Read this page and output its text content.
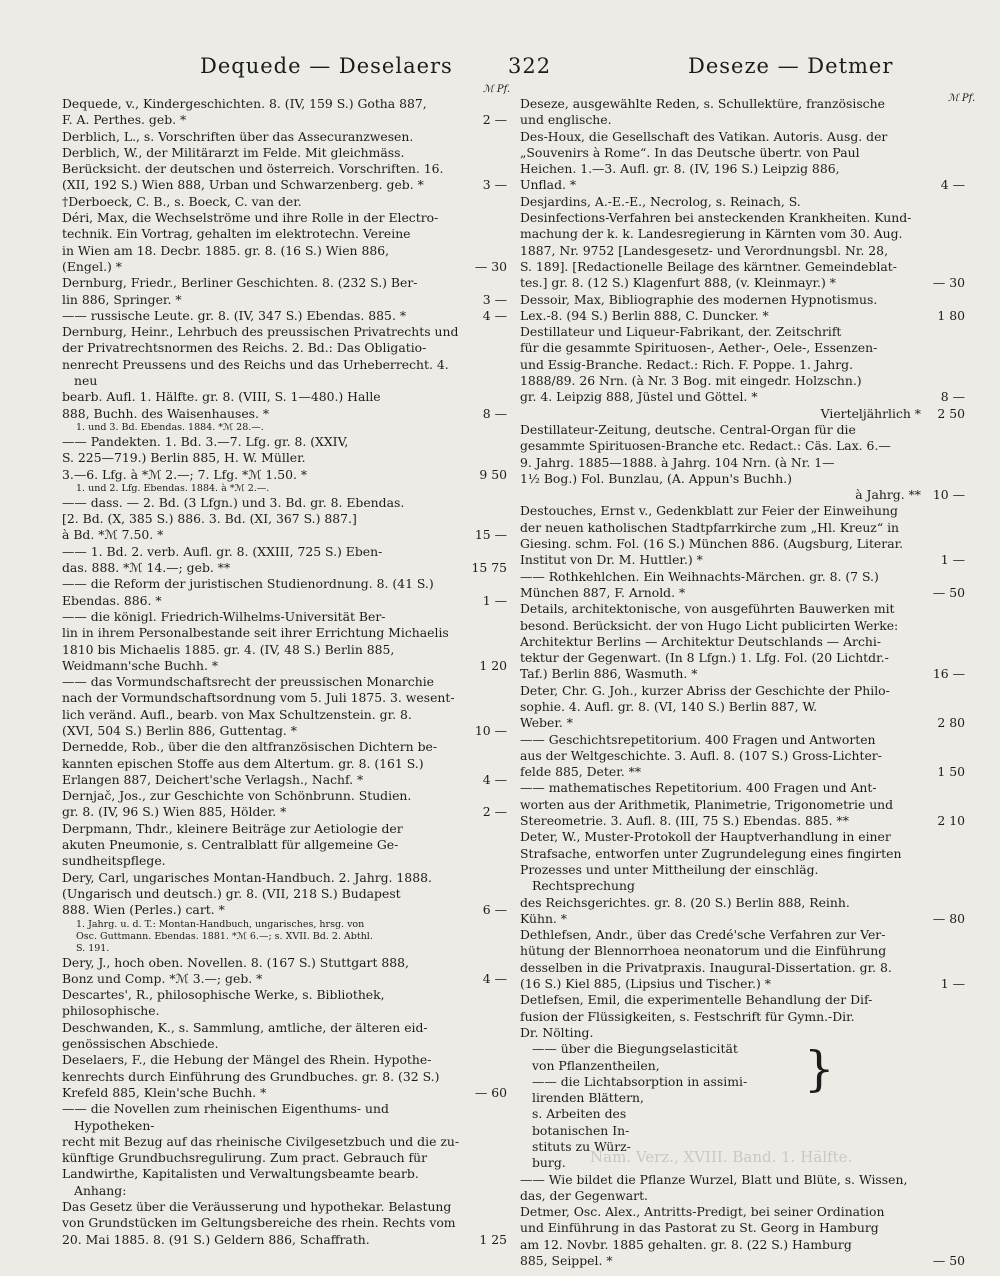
Dequede — Deselaers	322	Deseze — Detmer
ℳ Pf.
ℳ Pf.
Dequede, v., Kindergeschichten. 8. (IV, 159 S.) Gotha 887,
F. A. Perthes. geb. *	2 —
Derblich, L., s. Vorschriften über das Assecuranzwesen.
Derblich, W., der Militärarzt im Felde. Mit gleichmäss.
Berücksicht. der deutschen und österreich. Vorschriften. 16.
(XII, 192 S.) Wien 888, Urban und Schwarzenberg. geb. *	3 —
†Derboeck, C. B., s. Boeck, C. van der.
Déri, Max, die Wechselströme und ihre Rolle in der Electro-
technik. Ein Vortrag, gehalten im elektrotechn. Vereine
in Wien am 18. Decbr. 1885. gr. 8. (16 S.) Wien 886,
(Engel.) *	— 30
Dernburg, Friedr., Berliner Geschichten. 8. (232 S.) Ber-
lin 886, Springer. *	3 —
—— russische Leute. gr. 8. (IV, 347 S.) Ebendas. 885. *	4 —
Dernburg, Heinr., Lehrbuch des preussischen Privatrechts und
der Privatrechtsnormen des Reichs. 2. Bd.: Das Obligatio-
nenrecht Preussens und des Reichs und das Urheberrecht. 4. neu
bearb. Aufl. 1. Hälfte. gr. 8. (VIII, S. 1—480.) Halle
888, Buchh. des Waisenhauses. *	8 —
1. und 3. Bd. Ebendas. 1884. *ℳ 28.—.
—— Pandekten. 1. Bd. 3.—7. Lfg. gr. 8. (XXIV,
S. 225—719.) Berlin 885, H. W. Müller.
3.—6. Lfg. à *ℳ 2.—; 7. Lfg. *ℳ 1.50. *	9 50
1. und 2. Lfg. Ebendas. 1884. à *ℳ 2.—.
—— dass. — 2. Bd. (3 Lfgn.) und 3. Bd. gr. 8. Ebendas.
[2. Bd. (X, 385 S.) 886. 3. Bd. (XI, 367 S.) 887.]
à Bd. *ℳ 7.50. *	15 —
—— 1. Bd. 2. verb. Aufl. gr. 8. (XXIII, 725 S.) Eben-
das. 888. *ℳ 14.—; geb. **	15 75
—— die Reform der juristischen Studienordnung. 8. (41 S.)
Ebendas. 886. *	1 —
—— die königl. Friedrich-Wilhelms-Universität Ber-
lin in ihrem Personalbestande seit ihrer Errichtung Michaelis
1810 bis Michaelis 1885. gr. 4. (IV, 48 S.) Berlin 885,
Weidmann'sche Buchh. *	1 20
—— das Vormundschaftsrecht der preussischen Monarchie
nach der Vormundschaftsordnung vom 5. Juli 1875. 3. wesent-
lich veränd. Aufl., bearb. von Max Schultzenstein. gr. 8.
(XVI, 504 S.) Berlin 886, Guttentag. *	10 —
Dernedde, Rob., über die den altfranzösischen Dichtern be-
kannten epischen Stoffe aus dem Altertum. gr. 8. (161 S.)
Erlangen 887, Deichert'sche Verlagsh., Nachf. *	4 —
Dernjač, Jos., zur Geschichte von Schönbrunn. Studien.
gr. 8. (IV, 96 S.) Wien 885, Hölder. *	2 —
Derpmann, Thdr., kleinere Beiträge zur Aetiologie der
akuten Pneumonie, s. Centralblatt für allgemeine Ge-
sundheitspflege.
Dery, Carl, ungarisches Montan-Handbuch. 2. Jahrg. 1888.
(Ungarisch und deutsch.) gr. 8. (VII, 218 S.) Budapest
888. Wien (Perles.) cart. *	6 —
1. Jahrg. u. d. T.: Montan-Handbuch, ungarisches, hrsg. von
Osc. Guttmann. Ebendas. 1881. *ℳ 6.—; s. XVII. Bd. 2. Abthl.
S. 191.
Dery, J., hoch oben. Novellen. 8. (167 S.) Stuttgart 888,
Bonz und Comp. *ℳ 3.—; geb. *	4 —
Descartes', R., philosophische Werke, s. Bibliothek,
philosophische.
Deschwanden, K., s. Sammlung, amtliche, der älteren eid-
genössischen Abschiede.
Deselaers, F., die Hebung der Mängel des Rhein. Hypothe-
kenrechts durch Einführung des Grundbuches. gr. 8. (32 S.)
Krefeld 885, Klein'sche Buchh. *	— 60
—— die Novellen zum rheinischen Eigenthums- und Hypotheken-
recht mit Bezug auf das rheinische Civilgesetzbuch und die zu-
künftige Grundbuchsregulirung. Zum pract. Gebrauch für
Landwirthe, Kapitalisten und Verwaltungsbeamte bearb. Anhang:
Das Gesetz über die Veräusserung und hypothekar. Belastung
von Grundstücken im Geltungsbereiche des rhein. Rechts vom
20. Mai 1885. 8. (91 S.) Geldern 886, Schaffrath.	1 25
Deseze, ausgewählte Reden, s. Schullektüre, französische
und englische.
Des-Houx, die Gesellschaft des Vatikan. Autoris. Ausg. der
„Souvenirs à Rome“. In das Deutsche übertr. von Paul
Heichen. 1.—3. Aufl. gr. 8. (IV, 196 S.) Leipzig 886,
Unflad. *	4 —
Desjardins, A.-E.-E., Necrolog, s. Reinach, S.
Desinfections-Verfahren bei ansteckenden Krankheiten. Kund-
machung der k. k. Landesregierung in Kärnten vom 30. Aug.
1887, Nr. 9752 [Landesgesetz- und Verordnungsbl. Nr. 28,
S. 189]. [Redactionelle Beilage des kärntner. Gemeindeblat-
tes.] gr. 8. (12 S.) Klagenfurt 888, (v. Kleinmayr.) *	— 30
Dessoir, Max, Bibliographie des modernen Hypnotismus.
Lex.-8. (94 S.) Berlin 888, C. Duncker. *	1 80
Destillateur und Liqueur-Fabrikant, der. Zeitschrift
für die gesammte Spirituosen-, Aether-, Oele-, Essenzen-
und Essig-Branche. Redact.: Rich. F. Poppe. 1. Jahrg.
1888/89. 26 Nrn. (à Nr. 3 Bog. mit eingedr. Holzschn.)
gr. 4. Leipzig 888, Jüstel und Göttel. *	8 —
Vierteljährlich *	2 50
Destillateur-Zeitung, deutsche. Central-Organ für die
gesammte Spirituosen-Branche etc. Redact.: Cäs. Lax. 6.—
9. Jahrg. 1885—1888. à Jahrg. 104 Nrn. (à Nr. 1—
1½ Bog.) Fol. Bunzlau, (A. Appun's Buchh.)
à Jahrg. ** 10 —
Destouches, Ernst v., Gedenkblatt zur Feier der Einweihung
der neuen katholischen Stadtpfarrkirche zum „Hl. Kreuz“ in
Giesing. schm. Fol. (16 S.) München 886. (Augsburg, Literar.
Institut von Dr. M. Huttler.) *	1 —
—— Rothkehlchen. Ein Weihnachts-Märchen. gr. 8. (7 S.)
München 887, F. Arnold. *	— 50
Details, architektonische, von ausgeführten Bauwerken mit
besond. Berücksicht. der von Hugo Licht publicirten Werke:
Architektur Berlins — Architektur Deutschlands — Archi-
tektur der Gegenwart. (In 8 Lfgn.) 1. Lfg. Fol. (20 Lichtdr.-
Taf.) Berlin 886, Wasmuth. *	16 —
Deter, Chr. G. Joh., kurzer Abriss der Geschichte der Philo-
sophie. 4. Aufl. gr. 8. (VI, 140 S.) Berlin 887, W.
Weber. *	2 80
—— Geschichtsrepetitorium. 400 Fragen und Antworten
aus der Weltgeschichte. 3. Aufl. 8. (107 S.) Gross-Lichter-
felde 885, Deter. **	1 50
—— mathematisches Repetitorium. 400 Fragen und Ant-
worten aus der Arithmetik, Planimetrie, Trigonometrie und
Stereometrie. 3. Aufl. 8. (III, 75 S.) Ebendas. 885. **	2 10
Deter, W., Muster-Protokoll der Hauptverhandlung in einer
Strafsache, entworfen unter Zugrundelegung eines fingirten
Prozesses und unter Mittheilung der einschläg. Rechtsprechung
des Reichsgerichtes. gr. 8. (20 S.) Berlin 888, Reinh.
Kühn. *	— 80
Dethlefsen, Andr., über das Credé'sche Verfahren zur Ver-
hütung der Blennorrhoea neonatorum und die Einführung
desselben in die Privatpraxis. Inaugural-Dissertation. gr. 8.
(16 S.) Kiel 885, (Lipsius und Tischer.) *	1 —
Detlefsen, Emil, die experimentelle Behandlung der Dif-
fusion der Flüssigkeiten, s. Festschrift für Gymn.-Dir.
Dr. Nölting.
—— über die Biegungselasticität
von Pflanzentheilen,
—— die Lichtabsorption in assimi-
lirenden Blättern,
}
s. Arbeiten des
botanischen In-
stituts zu Würz-
burg.
—— Wie bildet die Pflanze Wurzel, Blatt und Blüte, s. Wissen,
das, der Gegenwart.
Detmer, Osc. Alex., Antritts-Predigt, bei seiner Ordination
und Einführung in das Pastorat zu St. Georg in Hamburg
am 12. Novbr. 1885 gehalten. gr. 8. (22 S.) Hamburg
885, Seippel. *	— 50
Nam. Verz., XVIII. Band. 1. Hälfte.
